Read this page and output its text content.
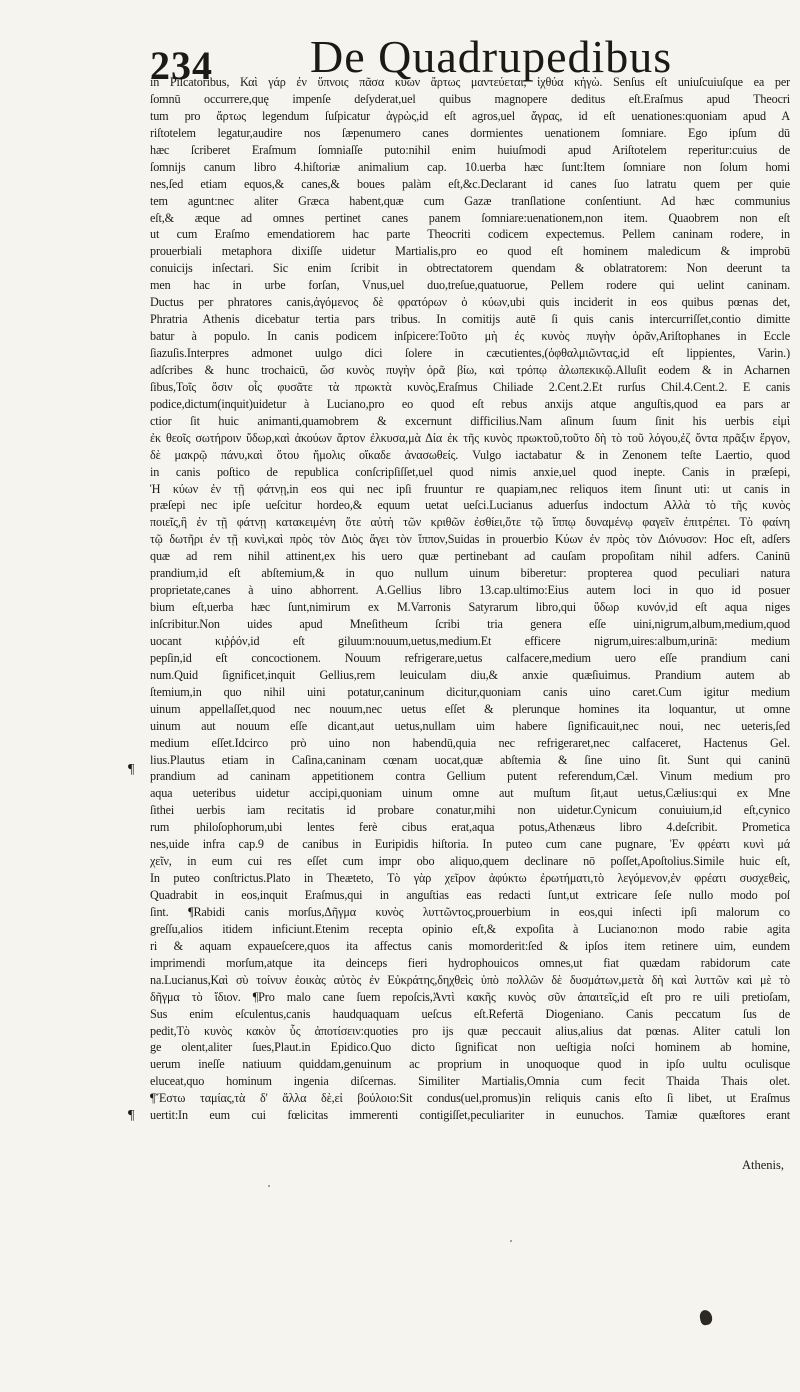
234 De Quadrupedibus
in Piſcatoribus, Καὶ γάρ ἐν ὕπνοις πᾶσα κύων ἄρτως μαντεύεται, ἰχθύα κἠγὼ. Senſus eſt uniuſcuiuſque ea per
ſomnū occurrere,quę impenſe deſyderat,uel quibus magnopere deditus eſt.Eraſmus apud Theocri
tum pro ἄρτως legendum ſuſpicatur ἀγρὼς,id eſt agros,uel ἄγρας, id eſt uenationes:quoniam apud A
riſtotelem legatur,audire nos ſæpenumero canes dormientes uenationem ſomniare. Ego ipſum dū
hæc ſcriberet Eraſmum ſomniaſſe puto:nihil enim huiuſmodi apud Ariſtotelem reperitur:cuius de
ſomnijs canum libro 4.hiſtoriæ animalium cap. 10.uerba hæc ſunt:Item ſomniare non ſolum homi
nes,ſed etiam equos,& canes,& boues palàm eſt,&c.Declarant id canes ſuo latratu quem per quie
tem agunt:nec aliter Græca habent,quæ cum Gazæ tranſlatione conſentiunt. Ad hæc communius
eſt,& æque ad omnes pertinet canes panem ſomniare:uenationem,non item. Quaobrem non eſt
ut cum Eraſmo emendatiorem hac parte Theocriti codicem expectemus. Pellem caninam rodere, in
prouerbiali metaphora dixiſſe uidetur Martialis,pro eo quod eſt hominem maledicum & improbū
conuicijs inſectari. Sic enim ſcribit in obtrectatorem quendam & oblatratorem: Non deerunt ta
men hac in urbe forſan, Vnus,uel duo,treſue,quatuorue, Pellem rodere qui uelint caninam.
Ductus per phratores canis,ἀγόμενος δὲ φρατόρων ὁ κύων,ubi quis inciderit in eos quibus pœnas det,
Phratria Athenis dicebatur tertia pars tribus. In comitijs autē ſi quis canis intercurriſſet,contio dimitte
batur à populo. In canis podicem inſpicere:Τοῦτο μὴ ἐς κυνὸς πυγὴν ὁρᾶν,Ariſtophanes in Eccle
ſiazuſis.Interpres admonet uulgo dici ſolere in cæcutientes,(ὀφθαλμιῶντας,id eſt lippientes, Varin.)
adſcribes & hunc trochaicū, ὥσ κυνὸς πυγὴν ὁρᾶ βίω, καὶ τρόπῳ ἀλωπεκικῷ.Alluſit eodem & in Acharnen
ſibus,Τοῖς ὄσιν οἷς φυσᾶτε τὰ πρωκτὰ κυνὸς,Eraſmus Chiliade 2.Cent.2.Et rurſus Chil.4.Cent.2. E canis
podice,dictum(inquit)uidetur à Luciano,pro eo quod eſt rebus anxijs atque anguſtis,quod ea pars ar
ctior ſit huic animanti,quamobrem & excernunt difficilius.Nam aſinum ſuum ſinit his uerbis εἰμὶ
ἐκ θεοῖς σωτήροιν ὕδωρ,καὶ ἀκούων ἄρτον ἐλκυσα,μὰ Δία ἐκ τῆς κυνὸς πρωκτοῦ,τοῦτο δὴ τὸ τοῦ λόγου,ἐζ ὄντα πρᾶξιν ἔργον,
δὲ μακρῷ πάνυ,καὶ ὅτου ἤμολις οἴκαδε ἀνασωθείς. Vulgo iactabatur & in Zenonem teſte Laertio, quod
in canis poſtico de republica conſcripſiſſet,uel quod nimis anxie,uel quod inepte. Canis in præſepi,
Ἡ κύων ἐν τῇ φάτνῃ,in eos qui nec ipſi fruuntur re quapiam,nec reliquos item ſinunt uti: ut canis in
præſepi nec ipſe ueſcitur hordeo,& equum uetat ueſci.Lucianus aduerſus indoctum Αλλὰ τὸ τῆς κυνὸς
ποιεῖς,ἣ ἐν τῇ φάτνῃ κατακειμένη ὅτε αὐτὴ τῶν κριθῶν ἐσθίει,ὅτε τῷ ἵππῳ δυναμένῳ φαγεῖν ἐπιτρέπει. Τὸ φαίνη
τῷ δωτῆρι ἐν τῇ κυνὶ,καὶ πρὸς τὸν Διὸς ἄγει τὸν ἵππον,Suidas in prouerbio Κύων ἐν πρὸς τὸν Διόνυσον: Hoc eſt, adſers
quæ ad rem nihil attinent,ex his uero quæ pertinebant ad cauſam propoſitam nihil adfers. Caninū
prandium,id eſt abſtemium,& in quo nullum uinum biberetur: propterea quod peculiari natura
proprietate,canes à uino abhorrent. A.Gellius libro 13.cap.ultimo:Eius autem loci in quo id posuer
bium eſt,uerba hæc ſunt,nimirum ex M.Varronis Satyrarum libro,qui ὕδωρ κυνόν,id eſt aqua niges
inſcribitur.Non uides apud Mneſitheum ſcribi tria genera eſſe uini,nigrum,album,medium,quod
uocant κιῤῥόν,id eſt giluum:nouum,uetus,medium.Et efficere nigrum,uires:album,urinā: medium
pepſin,id eſt concoctionem. Nouum refrigerare,uetus calfacere,medium uero eſſe prandium cani
num.Quid ſignificet,inquit Gellius,rem leuiculam diu,& anxie quæſiuimus. Prandium autem ab
ſtemium,in quo nihil uini potatur,caninum dicitur,quoniam canis uino caret.Cum igitur medium
uinum appellaſſet,quod nec nouum,nec uetus eſſet & plerunque homines ita loquantur, ut omne
uinum aut nouum eſſe dicant,aut uetus,nullam uim habere ſignificauit,nec noui, nec ueteris,ſed
medium eſſet.Idcirco prò uino non habendū,quia nec refrigeraret,nec calfaceret, Hactenus Gel.
lius.Plautus etiam in Caſina,caninam cœnam uocat,quæ abſtemia & ſine uino ſit. Sunt qui caninū
prandium ad caninam appetitionem contra Gellium putent referendum,Cæl. Vinum medium pro
aqua ueteribus uidetur accipi,quoniam uinum omne aut muſtum ſit,aut uetus,Cælius:qui ex Mne
ſithei uerbis iam recitatis id probare conatur,mihi non uidetur.Cynicum conuiuium,id eſt,cynico
rum philoſophorum,ubi lentes ferè cibus erat,aqua potus,Athenæus libro 4.deſcribit. Prometica
nes,uide infra cap.9 de canibus in Euripidis hiſtoria. In puteo cum cane pugnare, Ἐν φρέατι κυνὶ μά
χεῖν, in eum cui res eſſet cum impr obo aliquo,quem declinare nō poſſet,Apoſtolius.Simile huic eſt,
In puteo conſtrictus.Plato in Theæteto, Τὸ γὰρ χεῖρον ἀφύκτω ἐρωτήματι,τὸ λεγόμενον,ἐν φρέατι συσχεθεὶς,
Quadrabit in eos,inquit Eraſmus,qui in anguſtias eas redacti ſunt,ut extricare ſeſe nullo modo poſ
ſint. ¶Rabidi canis morſus,Δῆγμα κυνὸς λυττῶντος,prouerbium in eos,qui inſecti ipſi malorum co
greſſu,alios itidem inficiunt.Etenim recepta opinio eſt,& expoſita à Luciano:non modo rabie agita
ri & aquam expaueſcere,quos ita affectus canis momorderit:ſed & ipſos item retinere uim, eundem
imprimendi morſum,atque ita deinceps fieri hydrophouicos omnes,ut fiat quædam rabidorum cate
na.Lucianus,Καὶ σὺ τοίνυν ἐοικὰς αὐτὸς ἐν Εὐκράτης,δηχθεὶς ὑπὸ πολλῶν δὲ δυσμάτων,μετὰ δὴ καὶ λυττῶν καὶ μὲ τὸ
δῆγμα τὸ ἴδιον. ¶Pro malo cane ſuem repoſcis,Ἀντὶ κακῆς κυνὸς σῦν ἀπαιτεῖς,id eſt pro re uili pretioſam,
Sus enim eſculentus,canis haudquaquam ueſcus eſt.Refertā Diogeniano. Canis peccatum ſus de
pedit,Τὸ κυνὸς κακὸν ὗς ἀποτίσειν:quoties pro ijs quæ peccauit alius,alius dat pœnas. Aliter catuli lon
ge olent,aliter ſues,Plaut.in Epidico.Quo dicto ſignificat non ueſtigia noſci hominem ab homine,
uerum ineſſe natiuum quiddam,genuinum ac proprium in unoquoque quod in ipſo uultu oculisque
eluceat,quo hominum ingenia diſcernas. Similiter Martialis,Omnia cum fecit Thaida Thais olet.
¶Ἔστω ταμίας,τὰ δ' ἄλλα δὲ,εἰ βούλοιο:Sit condus(uel,promus)in reliquis canis eſto ſi libet, ut Eraſmus
uertit:In eum cui fœlicitas immerenti contigiſſet,peculiariter in eunuchos. Tamiæ quæſtores erant
Athenis,
¶
¶
